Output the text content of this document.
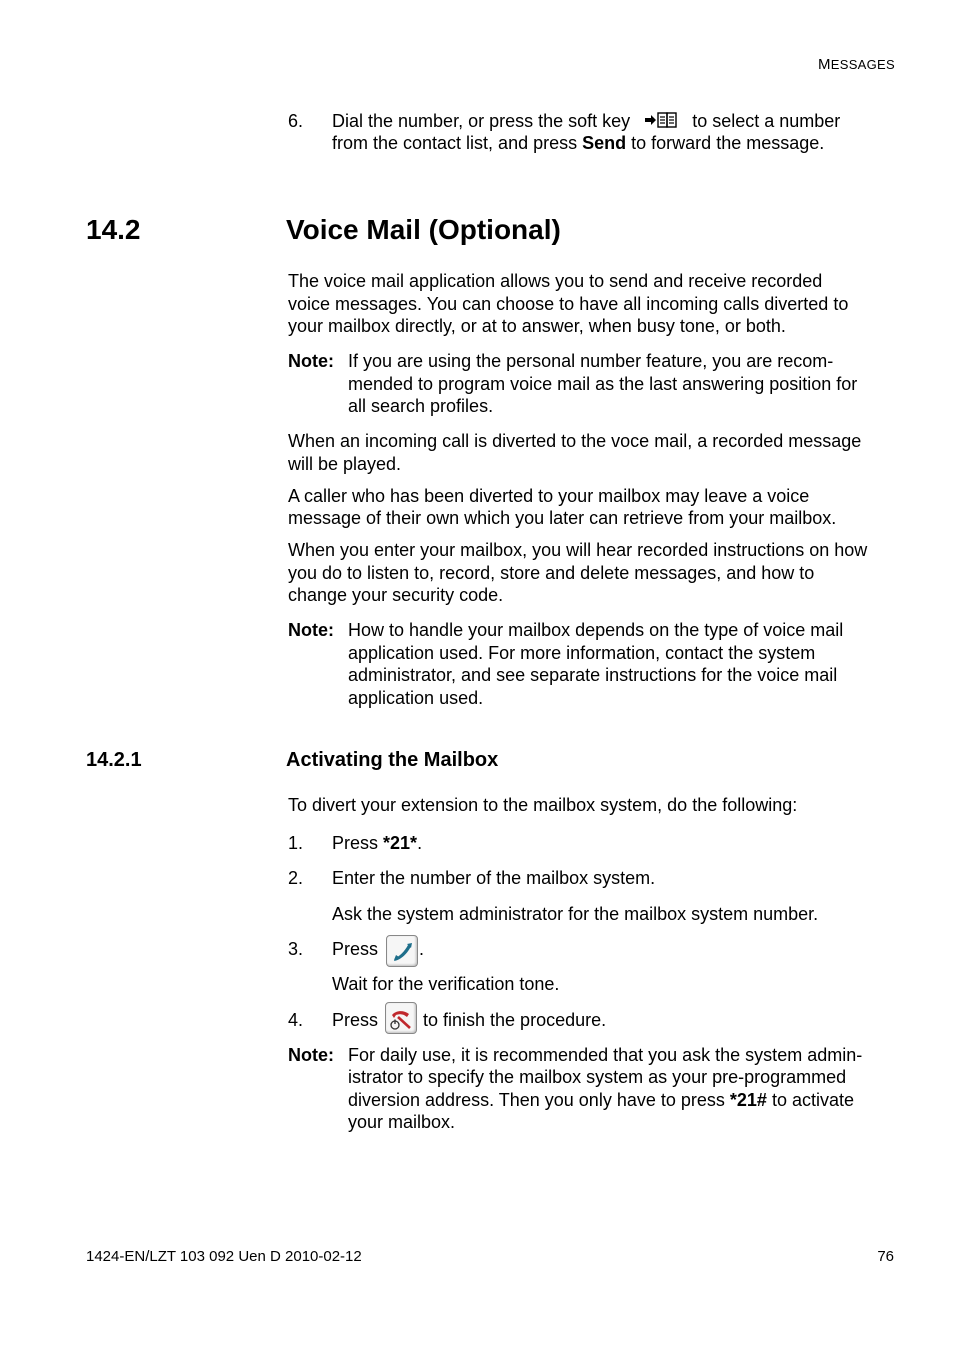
MESSAGES
6. Dial the number, or press the soft key	to select a number
from the contact list, and press Send to forward the message.
14.2	Voice Mail (Optional)
The voice mail application allows you to send and receive recorded
voice messages. You can choose to have all incoming calls diverted to
your mailbox directly, or at to answer, when busy tone, or both.
Note: If you are using the personal number feature, you are recom-
mended to program voice mail as the last answering position for
all search profiles.
When an incoming call is diverted to the voce mail, a recorded message
will be played.
A caller who has been diverted to your mailbox may leave a voice
message of their own which you later can retrieve from your mailbox.
When you enter your mailbox, you will hear recorded instructions on how
you do to listen to, record, store and delete messages, and how to
change your security code.
Note: How to handle your mailbox depends on the type of voice mail
application used. For more information, contact the system
administrator, and see separate instructions for the voice mail
application used.
14.2.1	Activating the Mailbox
To divert your extension to the mailbox system, do the following:
1. Press *21*.
2. Enter the number of the mailbox system.
Ask the system administrator for the mailbox system number.
3. Press .
Wait for the verification tone.
4. Press to finish the procedure.
Note: For daily use, it is recommended that you ask the system admin-
istrator to specify the mailbox system as your pre-programmed
diversion address. Then you only have to press *21# to activate
your mailbox.
1424-EN/LZT 103 092 Uen D 2010-02-12	76
